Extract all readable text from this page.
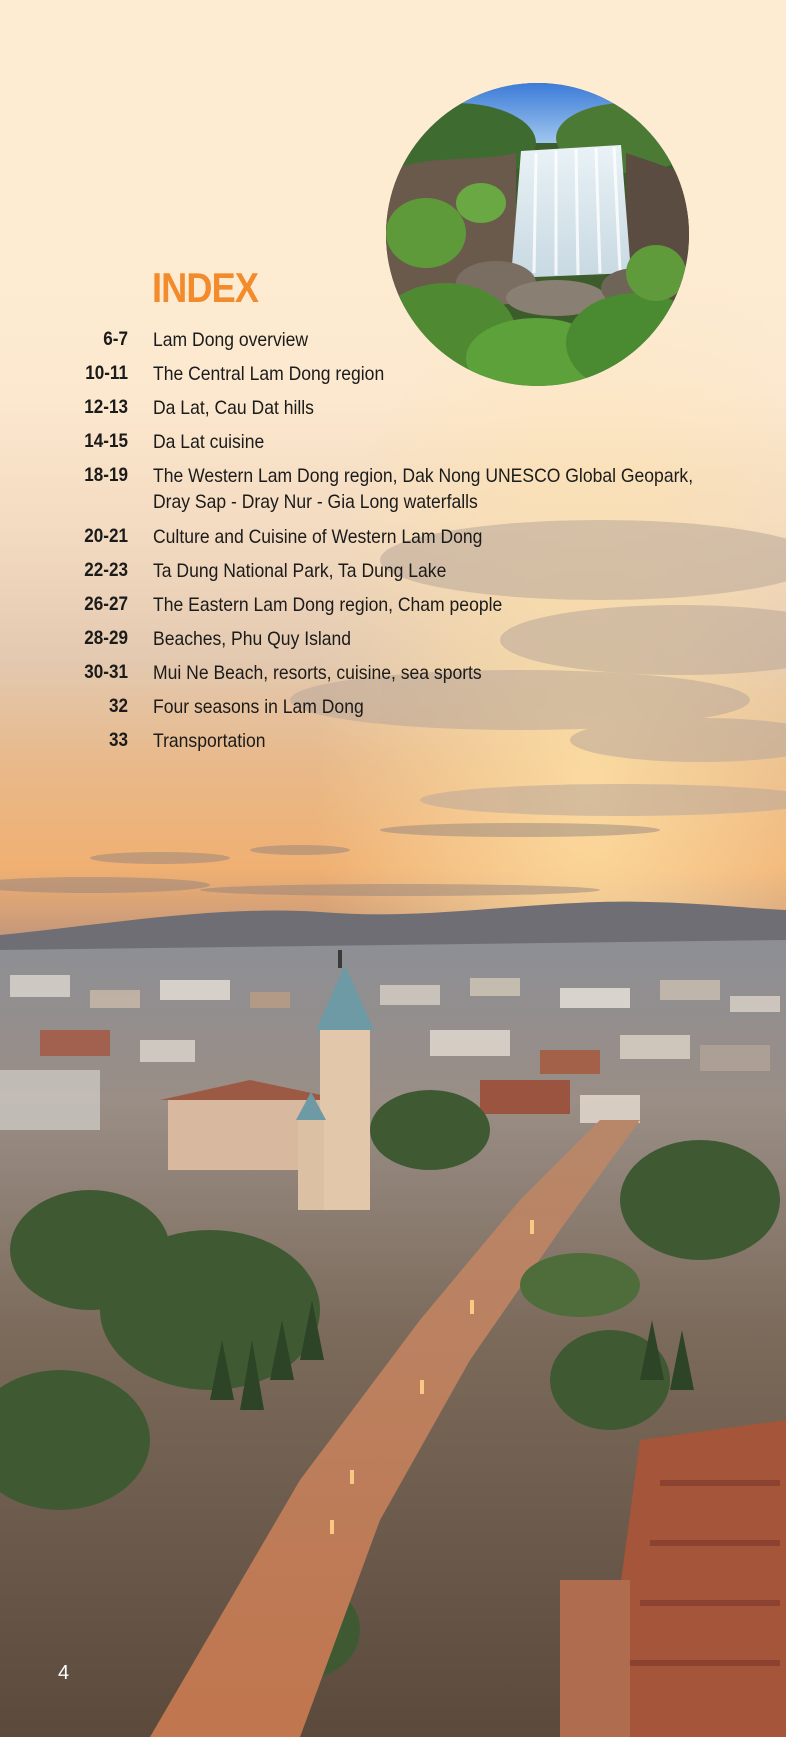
INDEX
6-7 Lam Dong overview
10-11 The Central Lam Dong region
12-13 Da Lat, Cau Dat hills
14-15 Da Lat cuisine
18-19 The Western Lam Dong region, Dak Nong UNESCO Global Geopark, Dray Sap - Dray Nur - Gia Long waterfalls
20-21 Culture and Cuisine of Western Lam Dong
22-23 Ta Dung National Park, Ta Dung Lake
26-27 The Eastern Lam Dong region, Cham people
28-29 Beaches, Phu Quy Island
30-31 Mui Ne Beach, resorts, cuisine, sea sports
32 Four seasons in Lam Dong
33 Transportation
4
